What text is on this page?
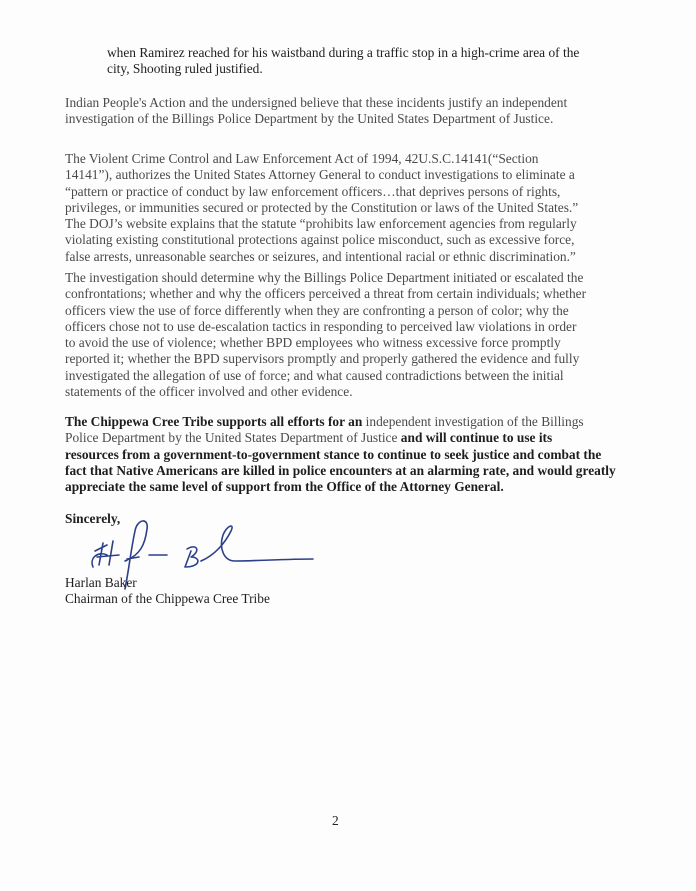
when Ramirez reached for his waistband during a traffic stop in a high-crime area of the
city, Shooting ruled justified.
Indian People's Action and the undersigned believe that these incidents justify an independent
investigation of the Billings Police Department by the United States Department of Justice.
The Violent Crime Control and Law Enforcement Act of 1994, 42U.S.C.14141(“Section
14141”), authorizes the United States Attorney General to conduct investigations to eliminate a
“pattern or practice of conduct by law enforcement officers…that deprives persons of rights,
privileges, or immunities secured or protected by the Constitution or laws of the United States.”
The DOJ’s website explains that the statute “prohibits law enforcement agencies from regularly
violating existing constitutional protections against police misconduct, such as excessive force,
false arrests, unreasonable searches or seizures, and intentional racial or ethnic discrimination.”
The investigation should determine why the Billings Police Department initiated or escalated the
confrontations; whether and why the officers perceived a threat from certain individuals; whether
officers view the use of force differently when they are confronting a person of color; why the
officers chose not to use de-escalation tactics in responding to perceived law violations in order
to avoid the use of violence; whether BPD employees who witness excessive force promptly
reported it; whether the BPD supervisors promptly and properly gathered the evidence and fully
investigated the allegation of use of force; and what caused contradictions between the initial
statements of the officer involved and other evidence.
The Chippewa Cree Tribe supports all efforts for an independent investigation of the Billings
Police Department by the United States Department of Justice and will continue to use its
resources from a government-to-government stance to continue to seek justice and combat the
fact that Native Americans are killed in police encounters at an alarming rate, and would greatly
appreciate the same level of support from the Office of the Attorney General.
Sincerely,
Harlan Baker
Chairman of the Chippewa Cree Tribe
2
